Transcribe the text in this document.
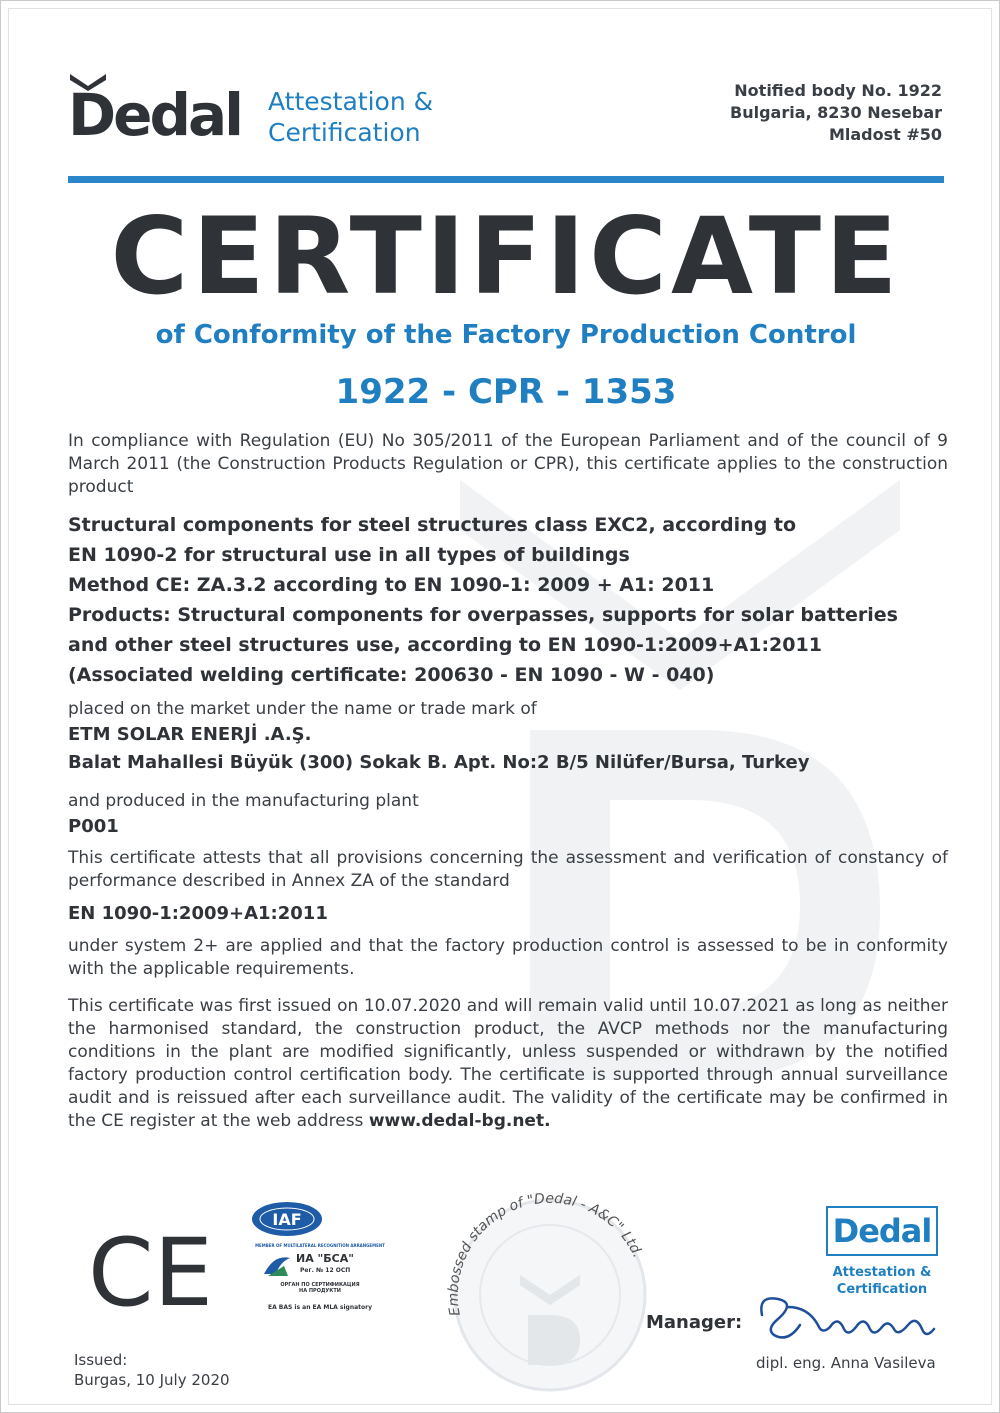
Dedal Attestation &
Certification
Notified body No. 1922
Bulgaria, 8230 Nesebar
Mladost #50
CERTIFICATE
of Conformity of the Factory Production Control
1922 - CPR - 1353
In compliance with Regulation (EU) No 305/2011 of the European Parliament and of the council of 9 March 2011 (the Construction Products Regulation or CPR), this certificate applies to the construction product
Structural components for steel structures class EXC2, according to
EN 1090-2 for structural use in all types of buildings
Method CE: ZA.3.2 according to EN 1090-1: 2009 + A1: 2011
Products: Structural components for overpasses, supports for solar batteries
and other steel structures use, according to EN 1090-1:2009+A1:2011
(Associated welding certificate: 200630 - EN 1090 - W - 040)
placed on the market under the name or trade mark of
ETM SOLAR ENERJİ .A.Ş.
Balat Mahallesi Büyük (300) Sokak B. Apt. No:2 B/5 Nilüfer/Bursa, Turkey
and produced in the manufacturing plant
P001
This certificate attests that all provisions concerning the assessment and verification of constancy of performance described in Annex ZA of the standard
EN 1090-1:2009+A1:2011
under system 2+ are applied and that the factory production control is assessed to be in conformity with the applicable requirements.
This certificate was first issued on 10.07.2020 and will remain valid until 10.07.2021 as long as neither the harmonised standard, the construction product, the AVCP methods nor the manufacturing conditions in the plant are modified significantly, unless suspended or withdrawn by the notified factory production control certification body. The certificate is supported through annual surveillance audit and is reissued after each surveillance audit. The validity of the certificate may be confirmed in the CE register at the web address www.dedal-bg.net.
CE	IAF
MEMBER OF MULTILATERAL RECOGNITION ARRANGEMENT
ИА "БСА"
Рег. № 12 ОСП
ОРГАН ПО СЕРТИФИКАЦИЯ
НА ПРОДУКТИ
EA BAS is an EA MLA signatory	Embossed stamp of "Dedal - A&C" Ltd.
Dedal
Attestation &
Certification
Manager:
dipl. eng. Anna Vasileva
Issued:
Burgas, 10 July 2020
